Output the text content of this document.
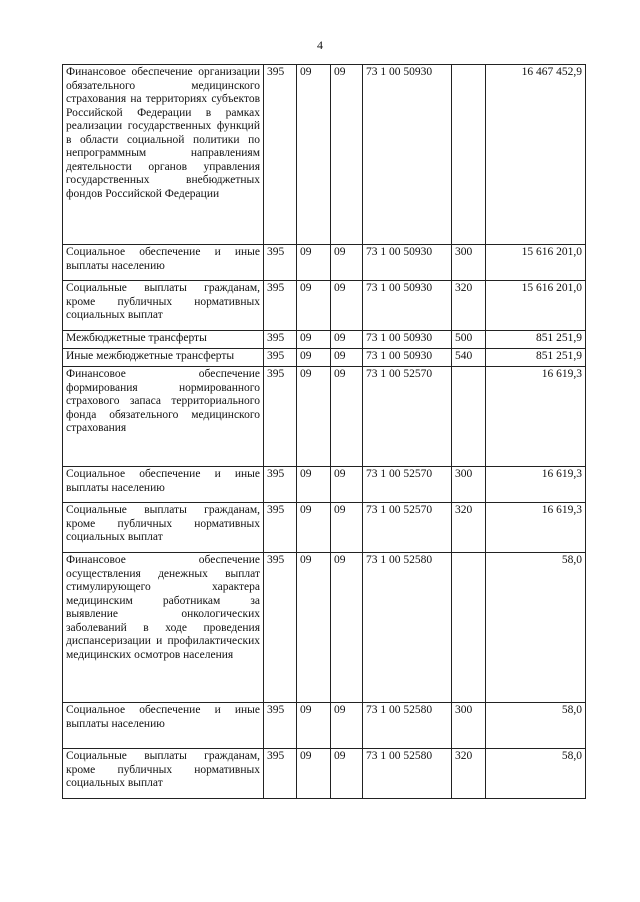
4
Финансовое обеспечение организации обязательного медицинского страхования на территориях субъектов Российской Федерации в рамках реализации государственных функций в области социальной политики по непрограммным направлениям деятельности органов управления государственных внебюджетных фондов Российской Федерации	395	09	09	73 1 00 50930		16 467 452,9
Социальное обеспечение и иные выплаты населению	395	09	09	73 1 00 50930	300	15 616 201,0
Социальные выплаты гражданам, кроме публичных нормативных социальных выплат	395	09	09	73 1 00 50930	320	15 616 201,0
Межбюджетные трансферты	395	09	09	73 1 00 50930	500	851 251,9
Иные межбюджетные трансферты	395	09	09	73 1 00 50930	540	851 251,9
Финансовое обеспечение формирования нормированного страхового запаса территориального фонда обязательного медицинского страхования	395	09	09	73 1 00 52570		16 619,3
Социальное обеспечение и иные выплаты населению	395	09	09	73 1 00 52570	300	16 619,3
Социальные выплаты гражданам, кроме публичных нормативных социальных выплат	395	09	09	73 1 00 52570	320	16 619,3
Финансовое обеспечение осуществления денежных выплат стимулирующего характера медицинским работникам за выявление онкологических заболеваний в ходе проведения диспансеризации и профилактических медицинских осмотров населения	395	09	09	73 1 00 52580		58,0
Социальное обеспечение и иные выплаты населению	395	09	09	73 1 00 52580	300	58,0
Социальные выплаты гражданам, кроме публичных нормативных социальных выплат	395	09	09	73 1 00 52580	320	58,0
